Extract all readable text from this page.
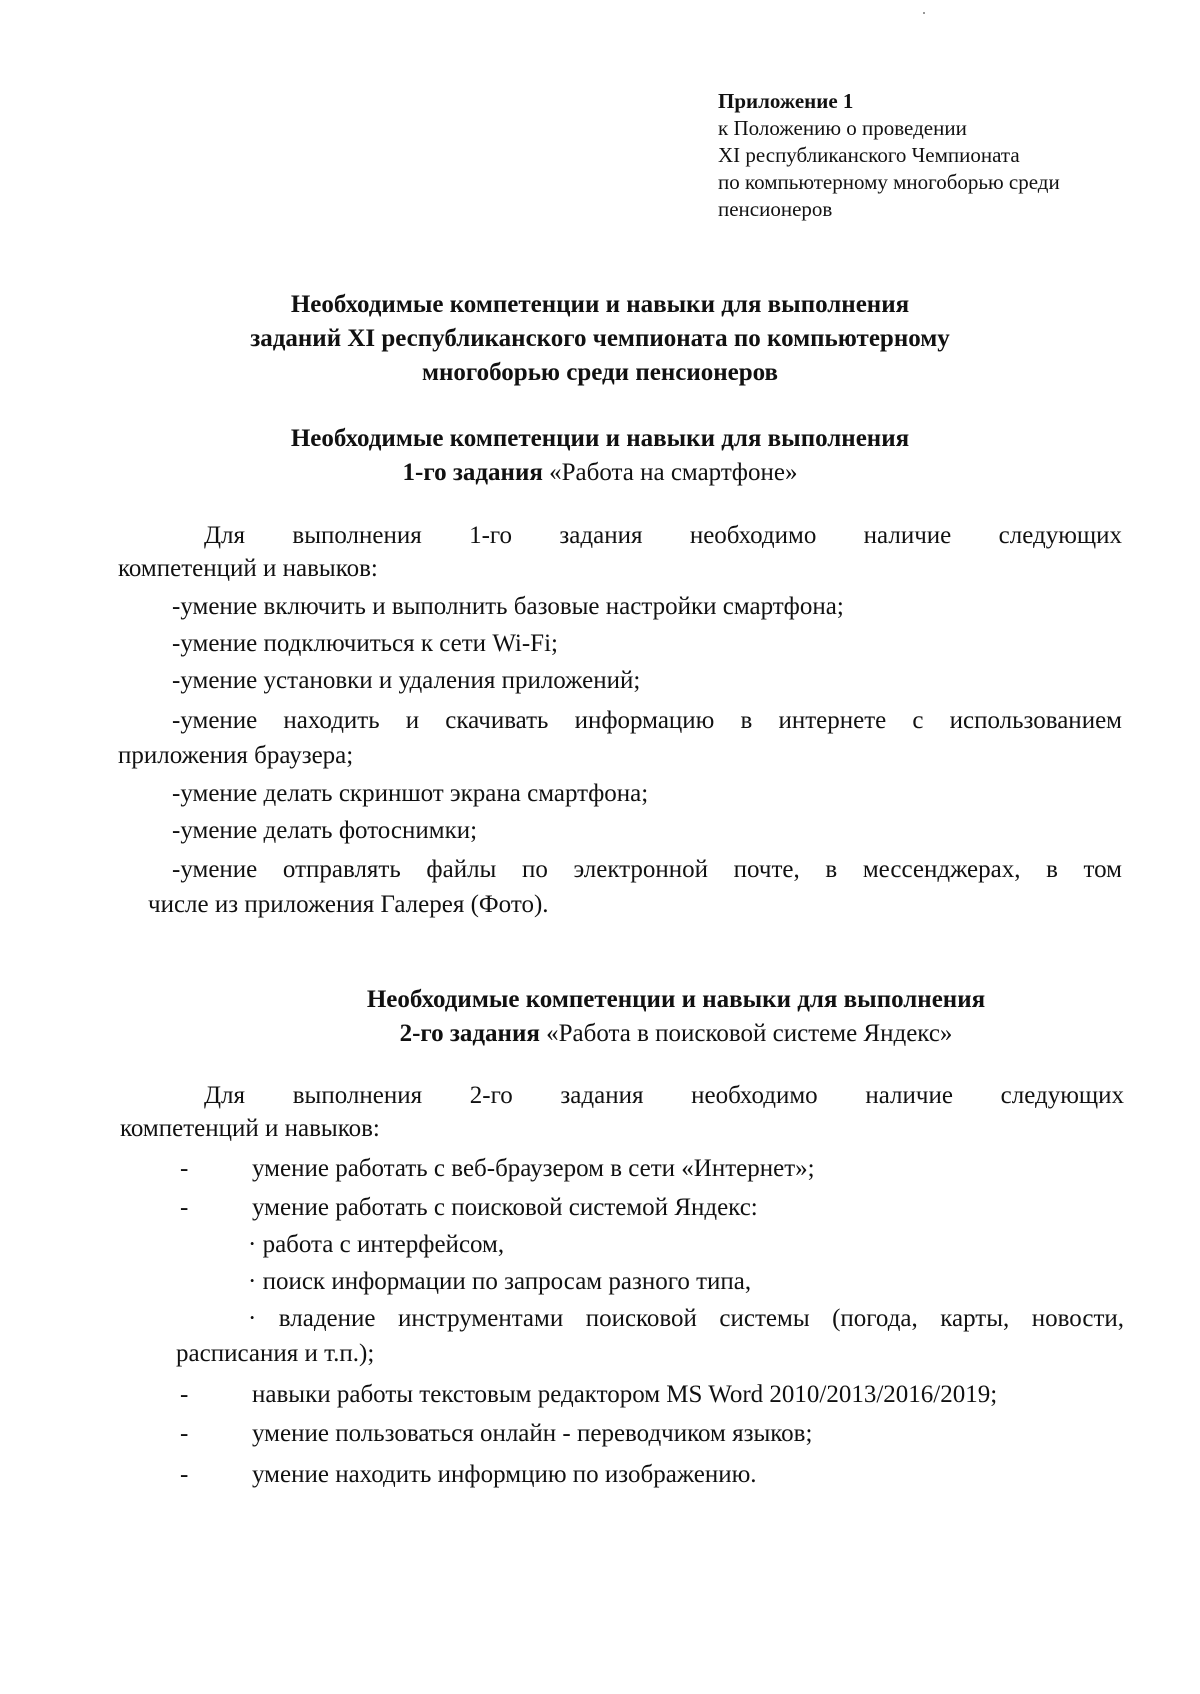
Приложение 1
к Положению о проведении
XI республиканского Чемпионата
по компьютерному многоборью среди
пенсионеров
Необходимые компетенции и навыки для выполнения
заданий XI республиканского чемпионата по компьютерному
многоборью среди пенсионеров
Необходимые компетенции и навыки для выполнения
1-го задания «Работа на смартфоне»
Для выполнения 1-го задания необходимо наличие следующих
компетенций и навыков:
-умение включить и выполнить базовые настройки смартфона;
-умение подключиться к сети Wi-Fi;
-умение установки и удаления приложений;
-умение находить и скачивать информацию в интернете с использованием
приложения браузера;
-умение делать скриншот экрана смартфона;
-умение делать фотоснимки;
-умение отправлять файлы по электронной почте, в мессенджерах, в том
числе из приложения Галерея (Фото).
Необходимые компетенции и навыки для выполнения
2-го задания «Работа в поисковой системе Яндекс»
Для выполнения 2-го задания необходимо наличие следующих
компетенций и навыков:
-	умение работать с веб-браузером в сети «Интернет»;
-	умение работать с поисковой системой Яндекс:
· работа с интерфейсом,
· поиск информации по запросам разного типа,
· владение инструментами поисковой системы (погода, карты, новости,
расписания и т.п.);
-	навыки работы текстовым редактором MS Word 2010/2013/2016/2019;
-	умение пользоваться онлайн - переводчиком языков;
-	умение находить информцию по изображению.
